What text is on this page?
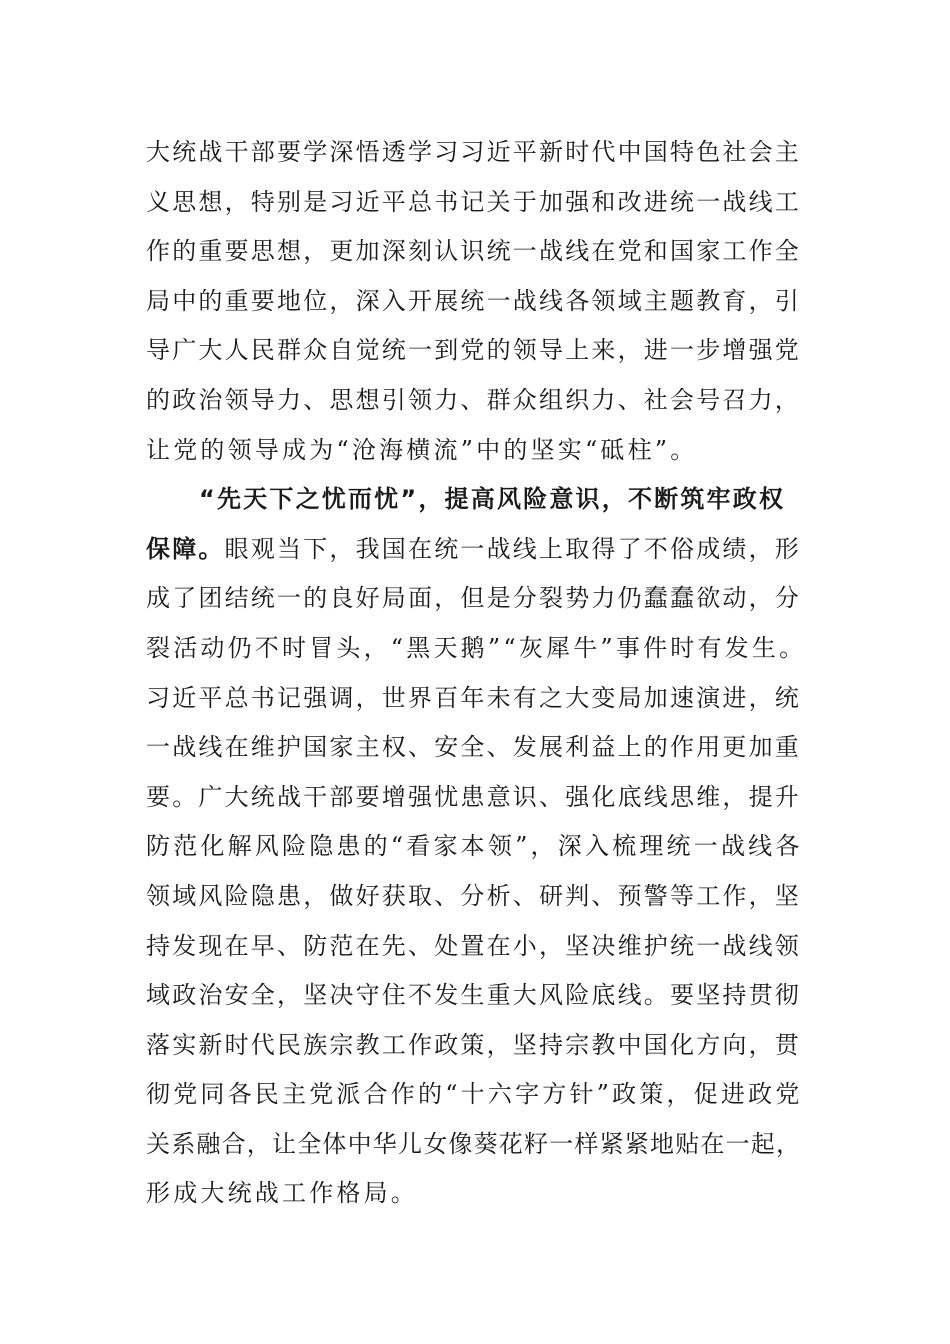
大统战干部要学深悟透学习习近平新时代中国特色社会主
义思想，特别是习近平总书记关于加强和改进统一战线工
作的重要思想，更加深刻认识统一战线在党和国家工作全
局中的重要地位，深入开展统一战线各领域主题教育，引
导广大人民群众自觉统一到党的领导上来，进一步增强党
的政治领导力、思想引领力、群众组织力、社会号召力，
让党的领导成为“沧海横流”中的坚实“砥柱”。
“先天下之忧而忧”，提高风险意识，不断筑牢政权
保障。眼观当下，我国在统一战线上取得了不俗成绩，形
成了团结统一的良好局面，但是分裂势力仍蠢蠢欲动，分
裂活动仍不时冒头，“黑天鹅”“灰犀牛”事件时有发生。
习近平总书记强调，世界百年未有之大变局加速演进，统
一战线在维护国家主权、安全、发展利益上的作用更加重
要。广大统战干部要增强忧患意识、强化底线思维，提升
防范化解风险隐患的“看家本领”，深入梳理统一战线各
领域风险隐患，做好获取、分析、研判、预警等工作，坚
持发现在早、防范在先、处置在小，坚决维护统一战线领
域政治安全，坚决守住不发生重大风险底线。要坚持贯彻
落实新时代民族宗教工作政策，坚持宗教中国化方向，贯
彻党同各民主党派合作的“十六字方针”政策，促进政党
关系融合，让全体中华儿女像葵花籽一样紧紧地贴在一起，
形成大统战工作格局。
